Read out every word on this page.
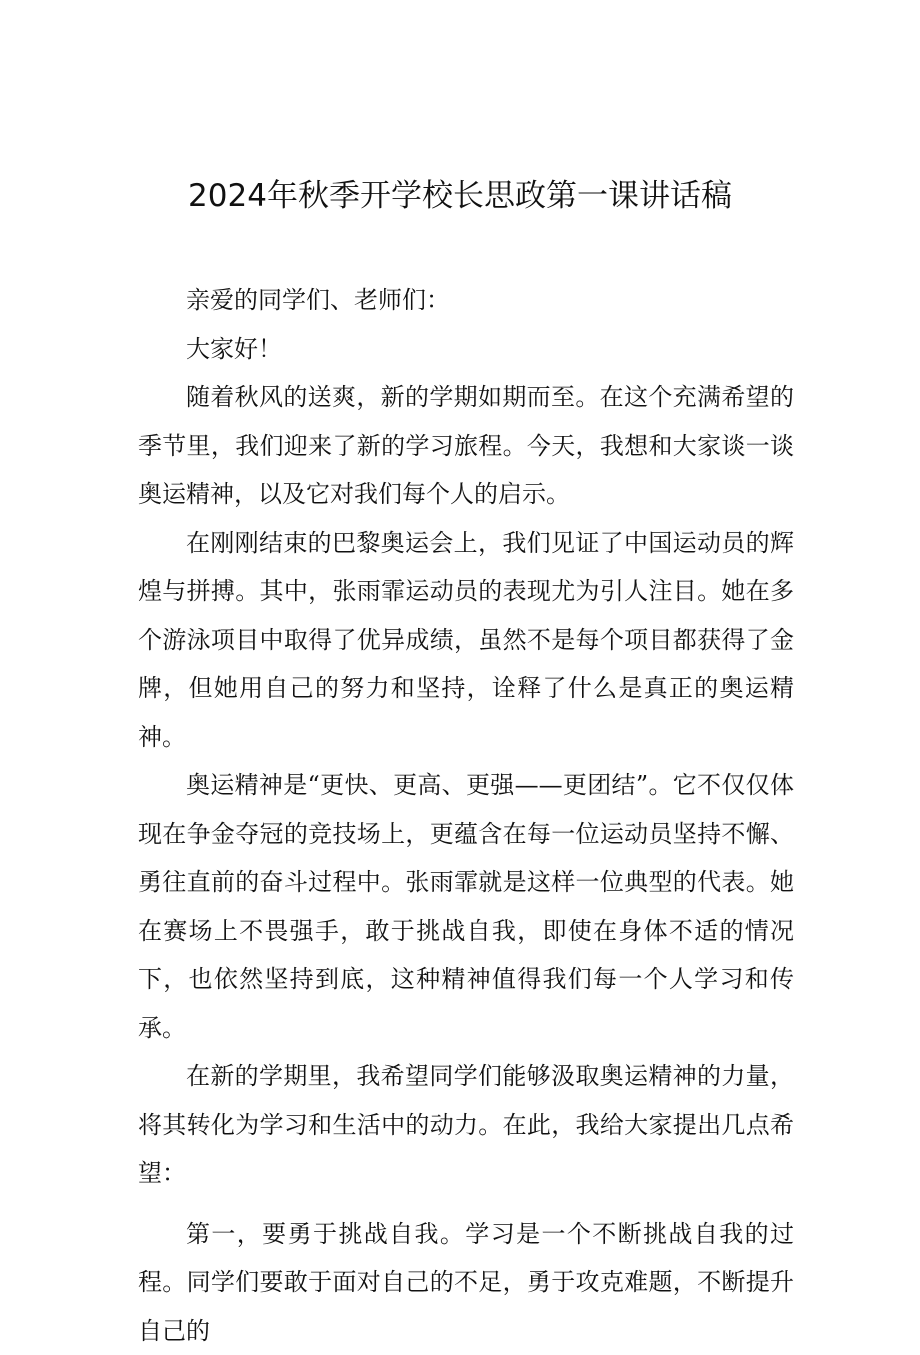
2024年秋季开学校长思政第一课讲话稿

亲爱的同学们、老师们：

大家好！

随着秋风的送爽，新的学期如期而至。在这个充满希望的季节里，我们迎来了新的学习旅程。今天，我想和大家谈一谈奥运精神，以及它对我们每个人的启示。

在刚刚结束的巴黎奥运会上，我们见证了中国运动员的辉煌与拼搏。其中，张雨霏运动员的表现尤为引人注目。她在多个游泳项目中取得了优异成绩，虽然不是每个项目都获得了金牌，但她用自己的努力和坚持，诠释了什么是真正的奥运精神。

奥运精神是“更快、更高、更强——更团结”。它不仅仅体现在争金夺冠的竞技场上，更蕴含在每一位运动员坚持不懈、勇往直前的奋斗过程中。张雨霏就是这样一位典型的代表。她在赛场上不畏强手，敢于挑战自我，即使在身体不适的情况下，也依然坚持到底，这种精神值得我们每一个人学习和传承。

在新的学期里，我希望同学们能够汲取奥运精神的力量，将其转化为学习和生活中的动力。在此，我给大家提出几点希望：

第一，要勇于挑战自我。学习是一个不断挑战自我的过程。同学们要敢于面对自己的不足，勇于攻克难题，不断提升自己的
